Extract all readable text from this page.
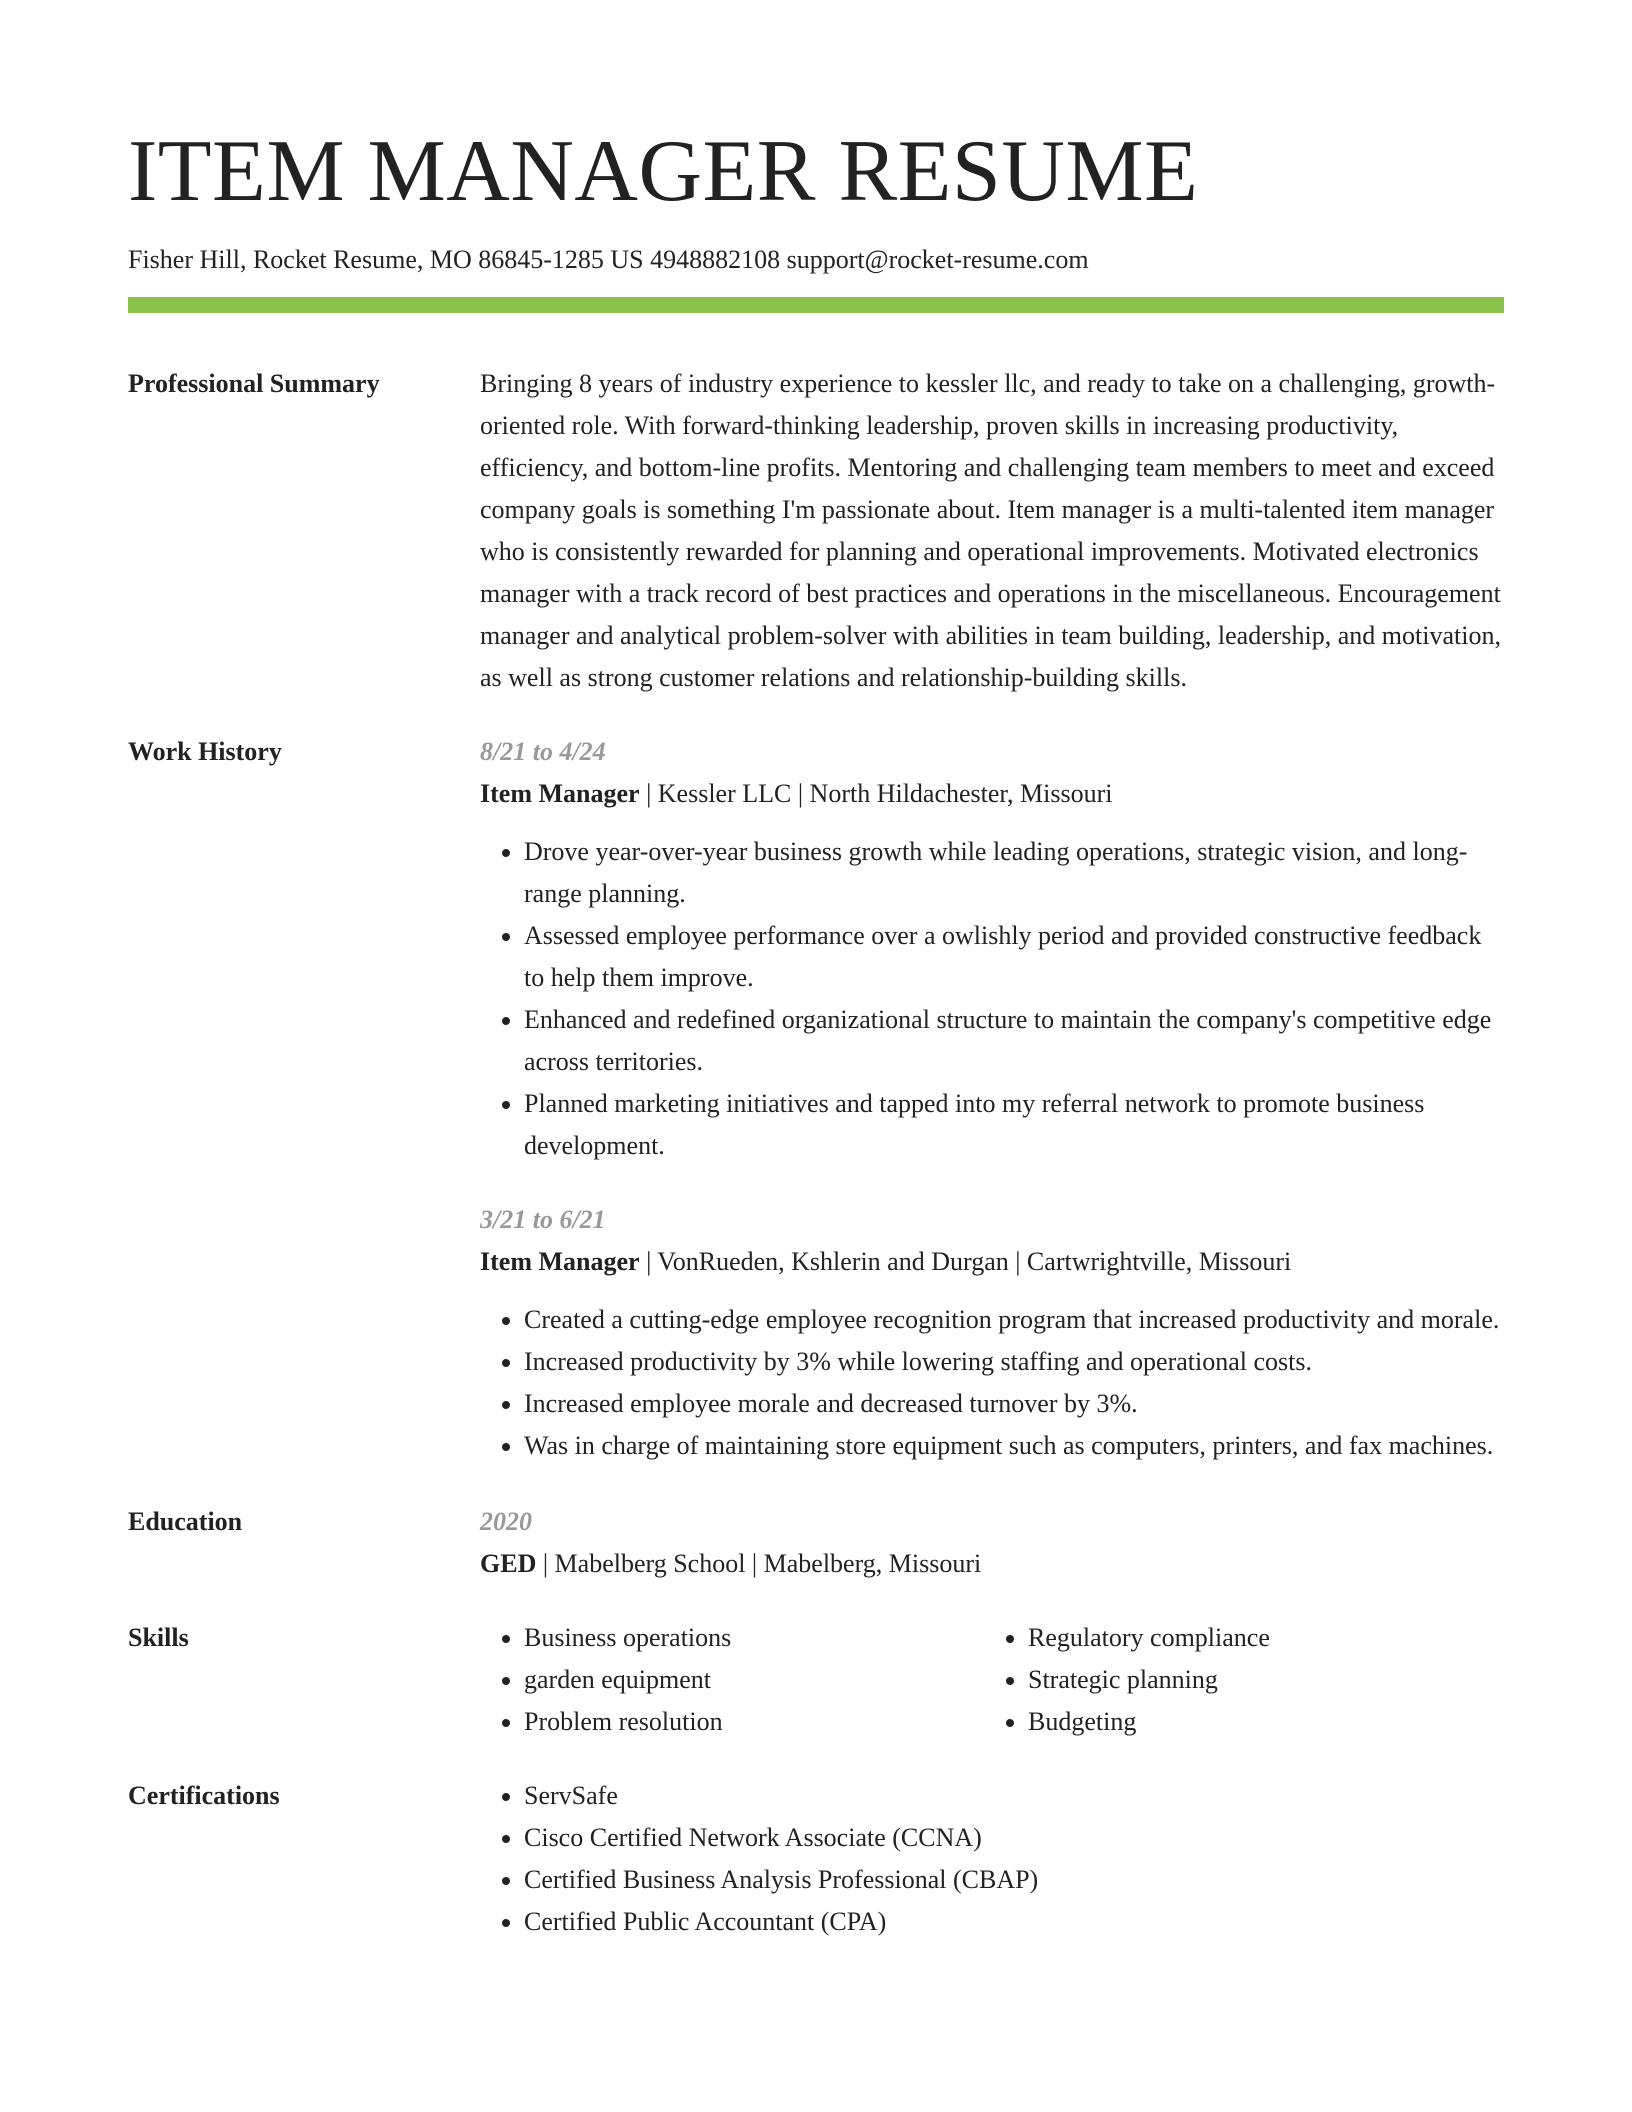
ITEM MANAGER RESUME
Fisher Hill, Rocket Resume, MO 86845-1285 US 4948882108 support@rocket-resume.com
Professional Summary	Bringing 8 years of industry experience to kessler llc, and ready to take on a challenging, growth-oriented role. With forward-thinking leadership, proven skills in increasing productivity, efficiency, and bottom-line profits. Mentoring and challenging team members to meet and exceed company goals is something I'm passionate about. Item manager is a multi-talented item manager who is consistently rewarded for planning and operational improvements. Motivated electronics manager with a track record of best practices and operations in the miscellaneous. Encouragement manager and analytical problem-solver with abilities in team building, leadership, and motivation, as well as strong customer relations and relationship-building skills.
Work History	8/21 to 4/24
Item Manager | Kessler LLC | North Hildachester, Missouri
• Drove year-over-year business growth while leading operations, strategic vision, and long-range planning.
• Assessed employee performance over a owlishly period and provided constructive feedback to help them improve.
• Enhanced and redefined organizational structure to maintain the company's competitive edge across territories.
• Planned marketing initiatives and tapped into my referral network to promote business development.
3/21 to 6/21
Item Manager | VonRueden, Kshlerin and Durgan | Cartwrightville, Missouri
• Created a cutting-edge employee recognition program that increased productivity and morale.
• Increased productivity by 3% while lowering staffing and operational costs.
• Increased employee morale and decreased turnover by 3%.
• Was in charge of maintaining store equipment such as computers, printers, and fax machines.
Education	2020
GED | Mabelberg School | Mabelberg, Missouri
Skills	• Business operations
• garden equipment
• Problem resolution
• Regulatory compliance
• Strategic planning
• Budgeting
Certifications	• ServSafe
• Cisco Certified Network Associate (CCNA)
• Certified Business Analysis Professional (CBAP)
• Certified Public Accountant (CPA)
